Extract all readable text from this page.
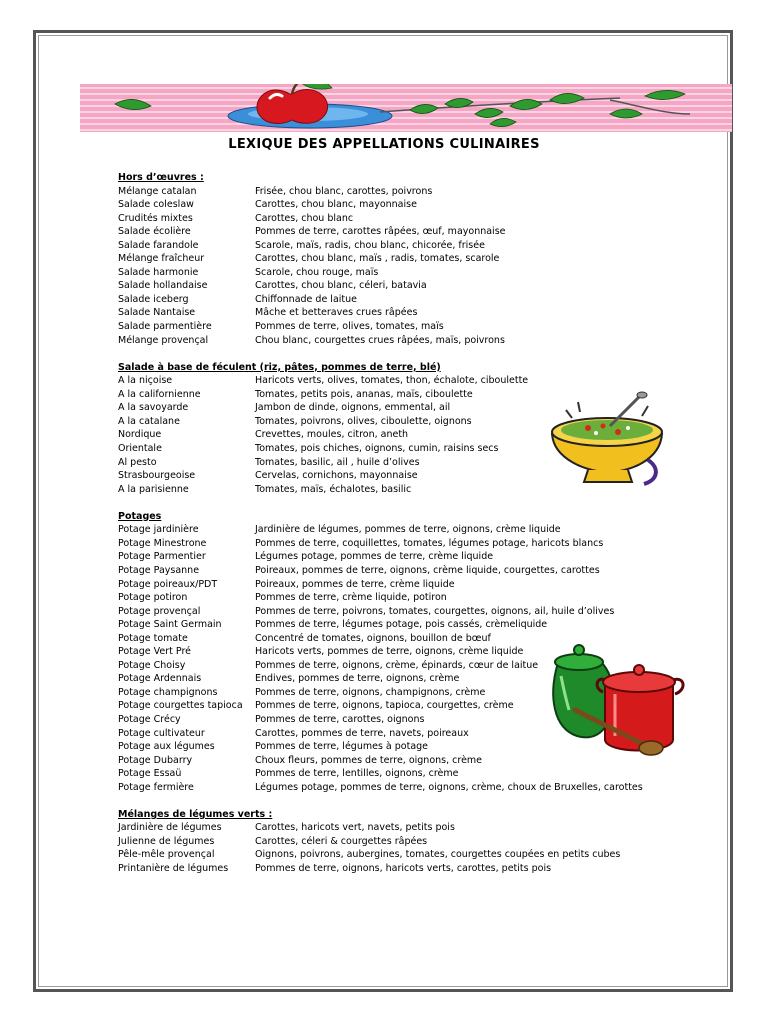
LEXIQUE DES APPELLATIONS CULINAIRES
Hors d’œuvres :
Mélange catalan	Frisée, chou blanc, carottes, poivrons
Salade coleslaw	Carottes, chou blanc, mayonnaise
Crudités mixtes	Carottes, chou blanc
Salade écolière	Pommes de terre, carottes râpées, œuf, mayonnaise
Salade farandole	Scarole, maïs, radis, chou blanc, chicorée, frisée
Mélange fraîcheur	Carottes, chou blanc, maïs , radis, tomates, scarole
Salade harmonie	Scarole, chou rouge, maïs
Salade hollandaise	Carottes, chou blanc, céleri, batavia
Salade iceberg	Chiffonnade de laitue
Salade Nantaise	Mâche et betteraves crues râpées
Salade parmentière	Pommes de terre, olives, tomates, maïs
Mélange provençal	Chou blanc, courgettes crues râpées, maïs, poivrons
Salade à base de féculent (riz, pâtes, pommes de terre, blé)
A la niçoise	Haricots verts, olives, tomates, thon, échalote, ciboulette
A la californienne	Tomates, petits pois, ananas, maïs, ciboulette
A la savoyarde	Jambon de dinde, oignons, emmental, ail
A la catalane	Tomates, poivrons, olives, ciboulette, oignons
Nordique	Crevettes, moules, citron, aneth
Orientale	Tomates, pois chiches, oignons, cumin, raisins secs
Al pesto	Tomates, basilic, ail , huile d’olives
Strasbourgeoise	Cervelas, cornichons, mayonnaise
A la parisienne	Tomates, maïs, échalotes, basilic
Potages
Potage jardinière	Jardinière de légumes, pommes de terre, oignons, crème liquide
Potage Minestrone	Pommes de terre, coquillettes, tomates, légumes potage, haricots blancs
Potage Parmentier	Légumes potage, pommes de terre, crème liquide
Potage Paysanne	Poireaux, pommes de terre, oignons, crème liquide, courgettes, carottes
Potage poireaux/PDT	Poireaux, pommes de terre, crème liquide
Potage potiron	Pommes de terre, crème liquide, potiron
Potage provençal	Pommes de terre, poivrons, tomates, courgettes, oignons, ail, huile d’olives
Potage Saint Germain	Pommes de terre, légumes potage, pois cassés, crèmeliquide
Potage tomate	Concentré de tomates, oignons, bouillon de bœuf
Potage Vert Pré	Haricots verts, pommes de terre, oignons, crème liquide
Potage Choisy	Pommes de terre, oignons, crème, épinards, cœur de laitue
Potage Ardennais	Endives, pommes de terre, oignons, crème
Potage champignons	Pommes de terre, oignons, champignons, crème
Potage courgettes tapioca	Pommes de terre, oignons, tapioca, courgettes, crème
Potage Crécy	Pommes de terre, carottes, oignons
Potage cultivateur	Carottes, pommes de terre, navets, poireaux
Potage aux légumes	Pommes de terre, légumes à potage
Potage Dubarry	Choux fleurs, pommes de terre, oignons, crème
Potage Essaü	Pommes de terre, lentilles, oignons, crème
Potage fermière	Légumes potage, pommes de terre, oignons, crème, choux de Bruxelles, carottes
Mélanges de légumes verts :
Jardinière de légumes	Carottes, haricots vert, navets, petits pois
Julienne de légumes	Carottes, céleri & courgettes râpées
Pêle-mêle provençal	Oignons, poivrons, aubergines, tomates, courgettes coupées en petits cubes
Printanière de légumes	Pommes de terre, oignons, haricots verts, carottes, petits pois
